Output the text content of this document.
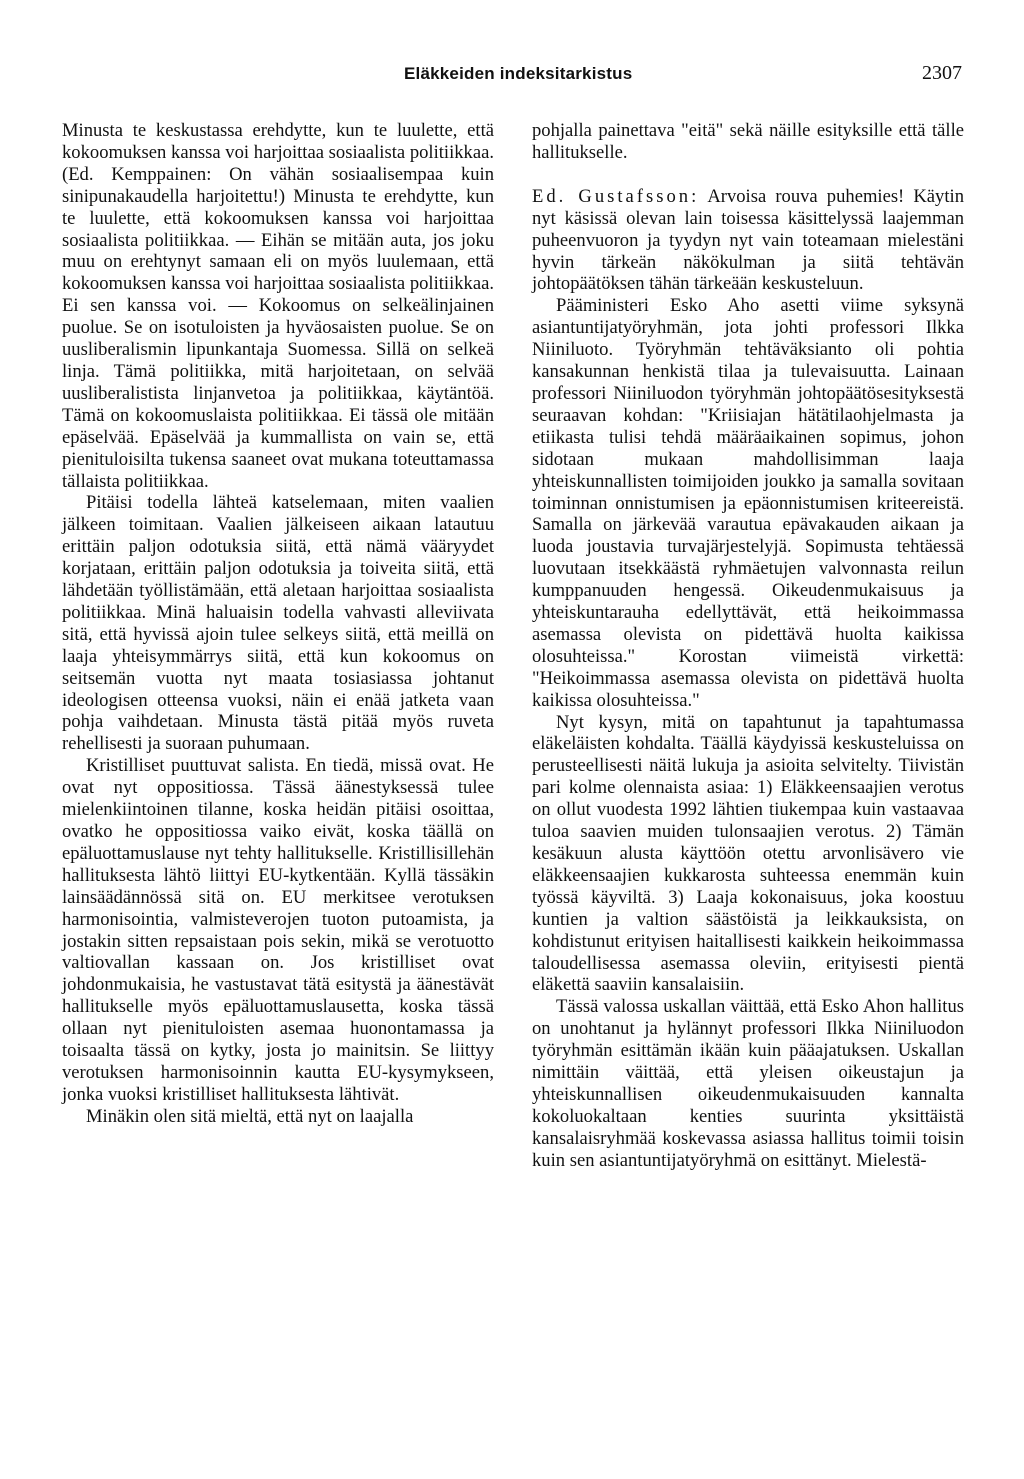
Eläkkeiden indeksitarkistus	2307

Minusta te keskustassa erehdytte, kun te luulette, että kokoomuksen kanssa voi harjoittaa sosiaalista politiikkaa. (Ed. Kemppainen: On vähän sosiaalisempaa kuin sinipunakaudella harjoitettu!) Minusta te erehdytte, kun te luulette, että kokoomuksen kanssa voi harjoittaa sosiaalista politiikkaa. — Eihän se mitään auta, jos joku muu on erehtynyt samaan eli on myös luulemaan, että kokoomuksen kanssa voi harjoittaa sosiaalista politiikkaa. Ei sen kanssa voi. — Kokoomus on selkeälinjainen puolue. Se on isotuloisten ja hyväosaisten puolue. Se on uusliberalismin lipunkantaja Suomessa. Sillä on selkeä linja. Tämä politiikka, mitä harjoitetaan, on selvää uusliberalistista linjanvetoa ja politiikkaa, käytäntöä. Tämä on kokoomuslaista politiikkaa. Ei tässä ole mitään epäselvää. Epäselvää ja kummallista on vain se, että pienituloisilta tukensa saaneet ovat mukana toteuttamassa tällaista politiikkaa.

Pitäisi todella lähteä katselemaan, miten vaalien jälkeen toimitaan. Vaalien jälkeiseen aikaan latautuu erittäin paljon odotuksia siitä, että nämä vääryydet korjataan, erittäin paljon odotuksia ja toiveita siitä, että lähdetään työllistämään, että aletaan harjoittaa sosiaalista politiikkaa. Minä haluaisin todella vahvasti alleviivata sitä, että hyvissä ajoin tulee selkeys siitä, että meillä on laaja yhteisymmärrys siitä, että kun kokoomus on seitsemän vuotta nyt maata tosiasiassa johtanut ideologisen otteensa vuoksi, näin ei enää jatketa vaan pohja vaihdetaan. Minusta tästä pitää myös ruveta rehellisesti ja suoraan puhumaan.

Kristilliset puuttuvat salista. En tiedä, missä ovat. He ovat nyt oppositiossa. Tässä äänestyksessä tulee mielenkiintoinen tilanne, koska heidän pitäisi osoittaa, ovatko he oppositiossa vaiko eivät, koska täällä on epäluottamuslause nyt tehty hallitukselle. Kristillisillehän hallituksesta lähtö liittyi EU-kytkentään. Kyllä tässäkin lainsäädännössä sitä on. EU merkitsee verotuksen harmonisointia, valmisteverojen tuoton putoamista, ja jostakin sitten repsaistaan pois sekin, mikä se verotuotto valtiovallan kassaan on. Jos kristilliset ovat johdonmukaisia, he vastustavat tätä esitystä ja äänestävät hallitukselle myös epäluottamuslausetta, koska tässä ollaan nyt pienituloisten asemaa huonontamassa ja toisaalta tässä on kytky, josta jo mainitsin. Se liittyy verotuksen harmonisoinnin kautta EU-kysymykseen, jonka vuoksi kristilliset hallituksesta lähtivät.

Minäkin olen sitä mieltä, että nyt on laajalla

pohjalla painettava "eitä" sekä näille esityksille että tälle hallitukselle.

Ed. Gustafsson: Arvoisa rouva puhemies! Käytin nyt käsissä olevan lain toisessa käsittelyssä laajemman puheenvuoron ja tyydyn nyt vain toteamaan mielestäni hyvin tärkeän näkökulman ja siitä tehtävän johtopäätöksen tähän tärkeään keskusteluun.

Pääministeri Esko Aho asetti viime syksynä asiantuntijatyöryhmän, jota johti professori Ilkka Niiniluoto. Työryhmän tehtäväksianto oli pohtia kansakunnan henkistä tilaa ja tulevaisuutta. Lainaan professori Niiniluodon työryhmän johtopäätösesityksestä seuraavan kohdan: "Kriisiajan hätätilaohjelmasta ja etiikasta tulisi tehdä määräaikainen sopimus, johon sidotaan mukaan mahdollisimman laaja yhteiskunnallisten toimijoiden joukko ja samalla sovitaan toiminnan onnistumisen ja epäonnistumisen kriteereistä. Samalla on järkevää varautua epävakauden aikaan ja luoda joustavia turvajärjestelyjä. Sopimusta tehtäessä luovutaan itsekkäästä ryhmäetujen valvonnasta reilun kumppanuuden hengessä. Oikeudenmukaisuus ja yhteiskuntarauha edellyttävät, että heikoimmassa asemassa olevista on pidettävä huolta kaikissa olosuhteissa." Korostan viimeistä virkettä: "Heikoimmassa asemassa olevista on pidettävä huolta kaikissa olosuhteissa."

Nyt kysyn, mitä on tapahtunut ja tapahtumassa eläkeläisten kohdalta. Täällä käydyissä keskusteluissa on perusteellisesti näitä lukuja ja asioita selvitelty. Tiivistän pari kolme olennaista asiaa: 1) Eläkkeensaajien verotus on ollut vuodesta 1992 lähtien tiukempaa kuin vastaavaa tuloa saavien muiden tulonsaajien verotus. 2) Tämän kesäkuun alusta käyttöön otettu arvonlisävero vie eläkkeensaajien kukkarosta suhteessa enemmän kuin työssä käyviltä. 3) Laaja kokonaisuus, joka koostuu kuntien ja valtion säästöistä ja leikkauksista, on kohdistunut erityisen haitallisesti kaikkein heikoimmassa taloudellisessa asemassa oleviin, erityisesti pientä eläkettä saaviin kansalaisiin.

Tässä valossa uskallan väittää, että Esko Ahon hallitus on unohtanut ja hylännyt professori Ilkka Niiniluodon työryhmän esittämän ikään kuin pääajatuksen. Uskallan nimittäin väittää, että yleisen oikeustajun ja yhteiskunnallisen oikeudenmukaisuuden kannalta kokoluokaltaan kenties suurinta yksittäistä kansalaisryhmää koskevassa asiassa hallitus toimii toisin kuin sen asiantuntijatyöryhmä on esittänyt. Mielestä-
